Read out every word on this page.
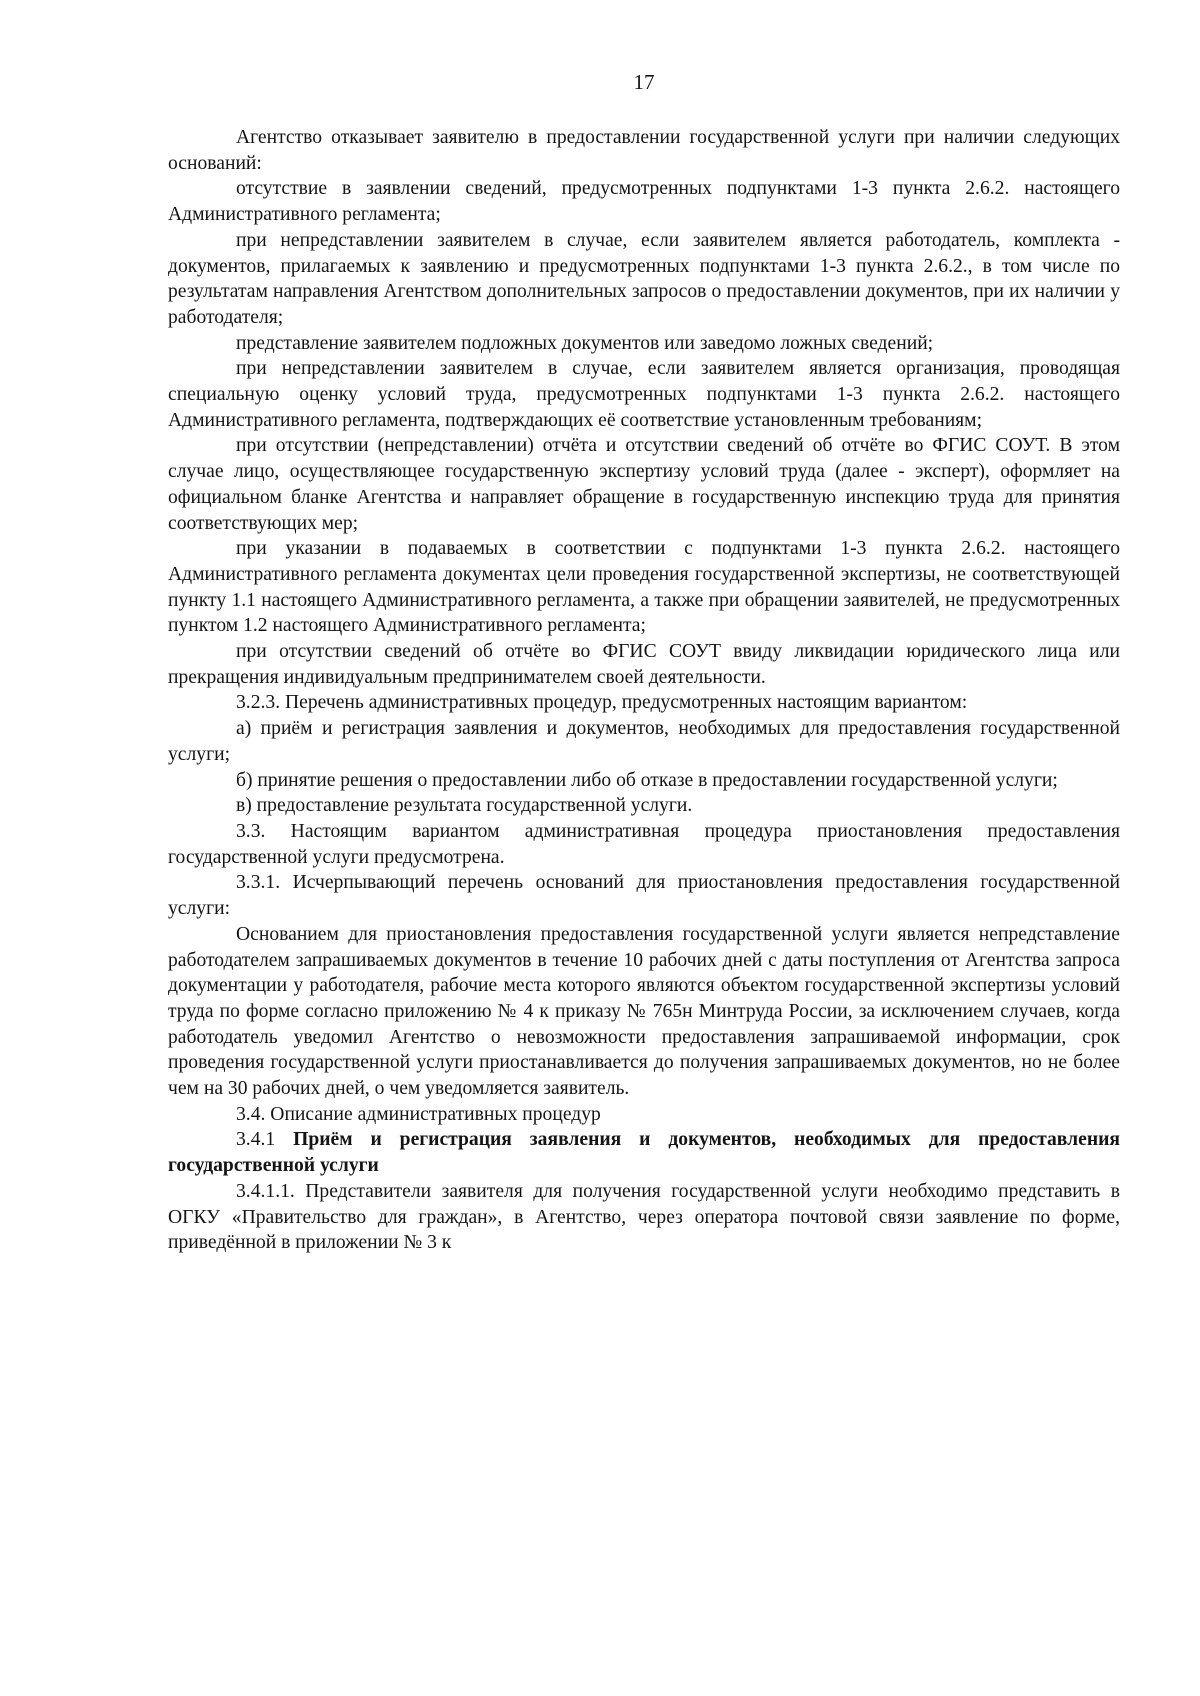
17

Агентство отказывает заявителю в предоставлении государственной услуги при наличии следующих оснований:

отсутствие в заявлении сведений, предусмотренных подпунктами 1-3 пункта 2.6.2. настоящего Административного регламента;

при непредставлении заявителем в случае, если заявителем является работодатель, комплекта - документов, прилагаемых к заявлению и предусмотренных подпунктами 1-3 пункта 2.6.2., в том числе по результатам направления Агентством дополнительных запросов о предоставлении документов, при их наличии у работодателя;

представление заявителем подложных документов или заведомо ложных сведений;

при непредставлении заявителем в случае, если заявителем является организация, проводящая специальную оценку условий труда, предусмотренных подпунктами 1-3 пункта 2.6.2. настоящего Административного регламента, подтверждающих её соответствие установленным требованиям;

при отсутствии (непредставлении) отчёта и отсутствии сведений об отчёте во ФГИС СОУТ. В этом случае лицо, осуществляющее государственную экспертизу условий труда (далее - эксперт), оформляет на официальном бланке Агентства и направляет обращение в государственную инспекцию труда для принятия соответствующих мер;

при указании в подаваемых в соответствии с подпунктами 1-3 пункта 2.6.2. настоящего Административного регламента документах цели проведения государственной экспертизы, не соответствующей пункту 1.1 настоящего Административного регламента, а также при обращении заявителей, не предусмотренных пунктом 1.2 настоящего Административного регламента;

при отсутствии сведений об отчёте во ФГИС СОУТ ввиду ликвидации юридического лица или прекращения индивидуальным предпринимателем своей деятельности.

3.2.3. Перечень административных процедур, предусмотренных настоящим вариантом:

а) приём и регистрация заявления и документов, необходимых для предоставления государственной услуги;

б) принятие решения о предоставлении либо об отказе в предоставлении государственной услуги;

в) предоставление результата государственной услуги.

3.3. Настоящим вариантом административная процедура приостановления предоставления государственной услуги предусмотрена.

3.3.1. Исчерпывающий перечень оснований для приостановления предоставления государственной услуги:

Основанием для приостановления предоставления государственной услуги является непредставление работодателем запрашиваемых документов в течение 10 рабочих дней с даты поступления от Агентства запроса документации у работодателя, рабочие места которого являются объектом государственной экспертизы условий труда по форме согласно приложению № 4 к приказу № 765н Минтруда России, за исключением случаев, когда работодатель уведомил Агентство о невозможности предоставления запрашиваемой информации, срок проведения государственной услуги приостанавливается до получения запрашиваемых документов, но не более чем на 30 рабочих дней, о чем уведомляется заявитель.

3.4. Описание административных процедур

3.4.1 Приём и регистрация заявления и документов, необходимых для предоставления государственной услуги

3.4.1.1. Представители заявителя для получения государственной услуги необходимо представить в ОГКУ «Правительство для граждан», в Агентство, через оператора почтовой связи заявление по форме, приведённой в приложении № 3 к
